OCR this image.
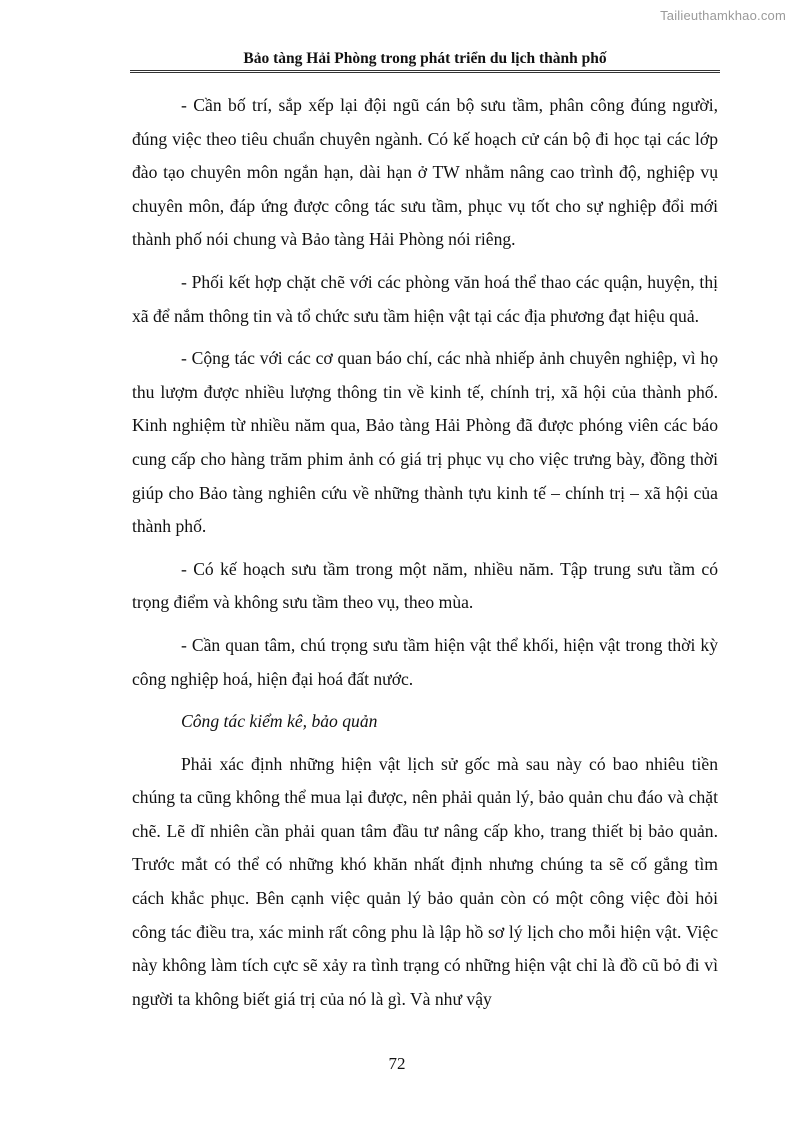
Tailieuthamkhao.com
Bảo tàng Hải Phòng trong phát triển du lịch thành phố

- Cần bố trí, sắp xếp lại đội ngũ cán bộ sưu tầm, phân công đúng người, đúng việc theo tiêu chuẩn chuyên ngành. Có kế hoạch cử cán bộ đi học tại các lớp đào tạo chuyên môn ngắn hạn, dài hạn ở TW nhằm nâng cao trình độ, nghiệp vụ chuyên môn, đáp ứng được công tác sưu tầm, phục vụ tốt cho sự nghiệp đổi mới thành phố nói chung và Bảo tàng Hải Phòng nói riêng.

- Phối kết hợp chặt chẽ với các phòng văn hoá thể thao các quận, huyện, thị xã để nắm thông tin và tổ chức sưu tầm hiện vật tại các địa phương đạt hiệu quả.

- Cộng tác với các cơ quan báo chí, các nhà nhiếp ảnh chuyên nghiệp, vì họ thu lượm được nhiều lượng thông tin về kinh tế, chính trị, xã hội của thành phố. Kinh nghiệm từ nhiều năm qua, Bảo tàng Hải Phòng đã được phóng viên các báo cung cấp cho hàng trăm phim ảnh có giá trị phục vụ cho việc trưng bày, đồng thời giúp cho Bảo tàng nghiên cứu về những thành tựu kinh tế – chính trị – xã hội của thành phố.

- Có kế hoạch sưu tầm trong một năm, nhiều năm. Tập trung sưu tầm có trọng điểm và không sưu tầm theo vụ, theo mùa.

- Cần quan tâm, chú trọng sưu tầm hiện vật thể khối, hiện vật trong thời kỳ công nghiệp hoá, hiện đại hoá đất nước.

Công tác kiểm kê, bảo quản

Phải xác định những hiện vật lịch sử gốc mà sau này có bao nhiêu tiền chúng ta cũng không thể mua lại được, nên phải quản lý, bảo quản chu đáo và chặt chẽ. Lẽ dĩ nhiên cần phải quan tâm đầu tư nâng cấp kho, trang thiết bị bảo quản. Trước mắt có thể có những khó khăn nhất định nhưng chúng ta sẽ cố gắng tìm cách khắc phục. Bên cạnh việc quản lý bảo quản còn có một công việc đòi hỏi công tác điều tra, xác minh rất công phu là lập hồ sơ lý lịch cho mỗi hiện vật. Việc này không làm tích cực sẽ xảy ra tình trạng có những hiện vật chỉ là đồ cũ bỏ đi vì người ta không biết giá trị của nó là gì. Và như vậy

72
